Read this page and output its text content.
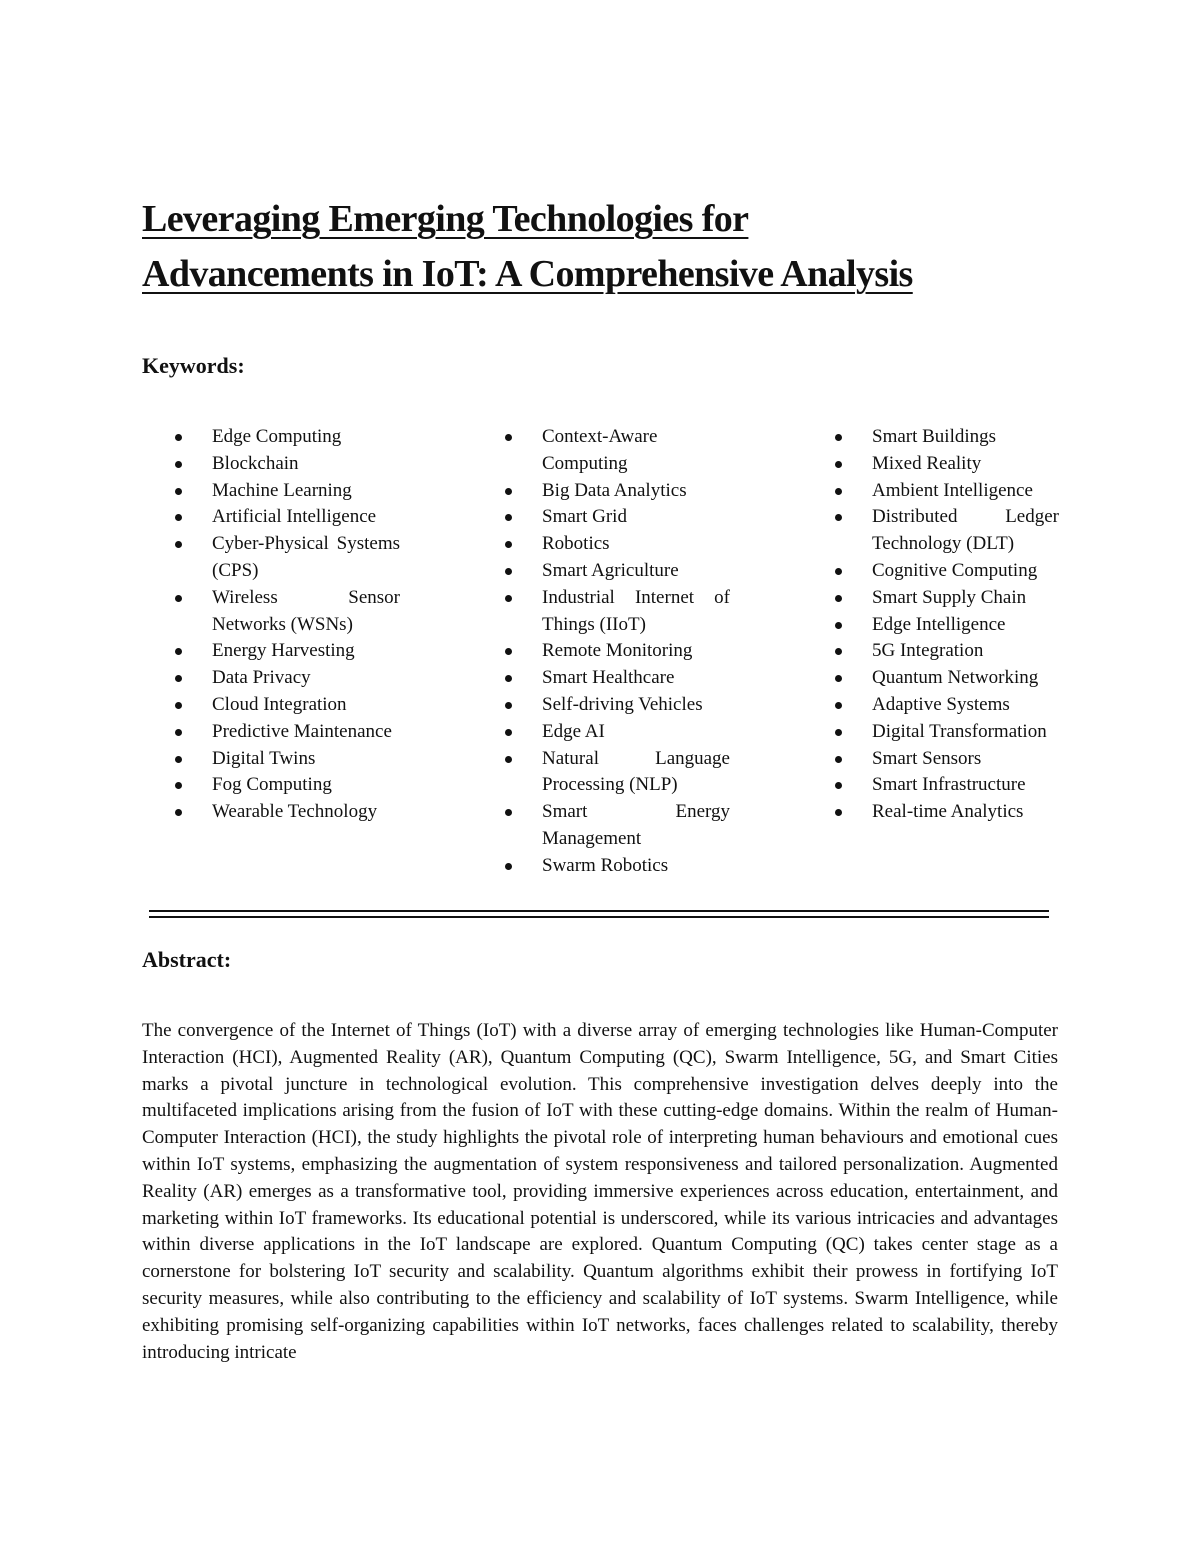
Leveraging Emerging Technologies for
Advancements in IoT: A Comprehensive Analysis
Keywords:
Edge Computing
Blockchain
Machine Learning
Artificial Intelligence
Cyber-Physical Systems (CPS)
Wireless Sensor Networks (WSNs)
Energy Harvesting
Data Privacy
Cloud Integration
Predictive Maintenance
Digital Twins
Fog Computing
Wearable Technology
Context-Aware Computing
Big Data Analytics
Smart Grid
Robotics
Smart Agriculture
Industrial Internet of Things (IIoT)
Remote Monitoring
Smart Healthcare
Self-driving Vehicles
Edge AI
Natural Language Processing (NLP)
Smart Energy Management
Swarm Robotics
Smart Buildings
Mixed Reality
Ambient Intelligence
Distributed Ledger Technology (DLT)
Cognitive Computing
Smart Supply Chain
Edge Intelligence
5G Integration
Quantum Networking
Adaptive Systems
Digital Transformation
Smart Sensors
Smart Infrastructure
Real-time Analytics
Abstract:

The convergence of the Internet of Things (IoT) with a diverse array of emerging technologies like Human-Computer Interaction (HCI), Augmented Reality (AR), Quantum Computing (QC), Swarm Intelligence, 5G, and Smart Cities marks a pivotal juncture in technological evolution. This comprehensive investigation delves deeply into the multifaceted implications arising from the fusion of IoT with these cutting-edge domains. Within the realm of Human-Computer Interaction (HCI), the study highlights the pivotal role of interpreting human behaviours and emotional cues within IoT systems, emphasizing the augmentation of system responsiveness and tailored personalization. Augmented Reality (AR) emerges as a transformative tool, providing immersive experiences across education, entertainment, and marketing within IoT frameworks. Its educational potential is underscored, while its various intricacies and advantages within diverse applications in the IoT landscape are explored. Quantum Computing (QC) takes center stage as a cornerstone for bolstering IoT security and scalability. Quantum algorithms exhibit their prowess in fortifying IoT security measures, while also contributing to the efficiency and scalability of IoT systems. Swarm Intelligence, while exhibiting promising self-organizing capabilities within IoT networks, faces challenges related to scalability, thereby introducing intricate
